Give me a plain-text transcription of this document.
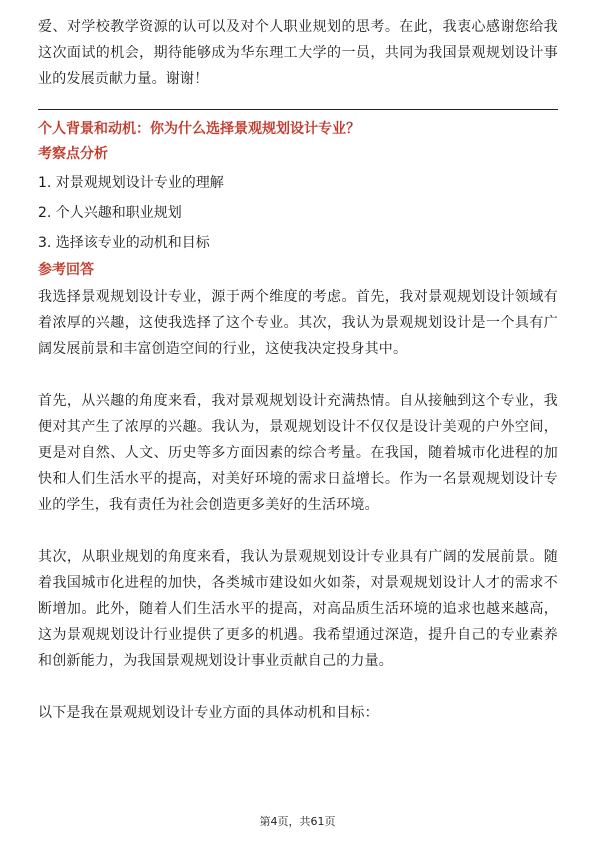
爱、对学校教学资源的认可以及对个人职业规划的思考。在此，我衷心感谢您给我这次面试的机会，期待能够成为华东理工大学的一员，共同为我国景观规划设计事业的发展贡献力量。谢谢！

个人背景和动机：你为什么选择景观规划设计专业？
考察点分析
1. 对景观规划设计专业的理解
2. 个人兴趣和职业规划
3. 选择该专业的动机和目标
参考回答

我选择景观规划设计专业，源于两个维度的考虑。首先，我对景观规划设计领域有着浓厚的兴趣，这使我选择了这个专业。其次，我认为景观规划设计是一个具有广阔发展前景和丰富创造空间的行业，这使我决定投身其中。

首先，从兴趣的角度来看，我对景观规划设计充满热情。自从接触到这个专业，我便对其产生了浓厚的兴趣。我认为，景观规划设计不仅仅是设计美观的户外空间，更是对自然、人文、历史等多方面因素的综合考量。在我国，随着城市化进程的加快和人们生活水平的提高，对美好环境的需求日益增长。作为一名景观规划设计专业的学生，我有责任为社会创造更多美好的生活环境。

其次，从职业规划的角度来看，我认为景观规划设计专业具有广阔的发展前景。随着我国城市化进程的加快，各类城市建设如火如荼，对景观规划设计人才的需求不断增加。此外，随着人们生活水平的提高，对高品质生活环境的追求也越来越高，这为景观规划设计行业提供了更多的机遇。我希望通过深造，提升自己的专业素养和创新能力，为我国景观规划设计事业贡献自己的力量。

以下是我在景观规划设计专业方面的具体动机和目标：

第4页，共61页
